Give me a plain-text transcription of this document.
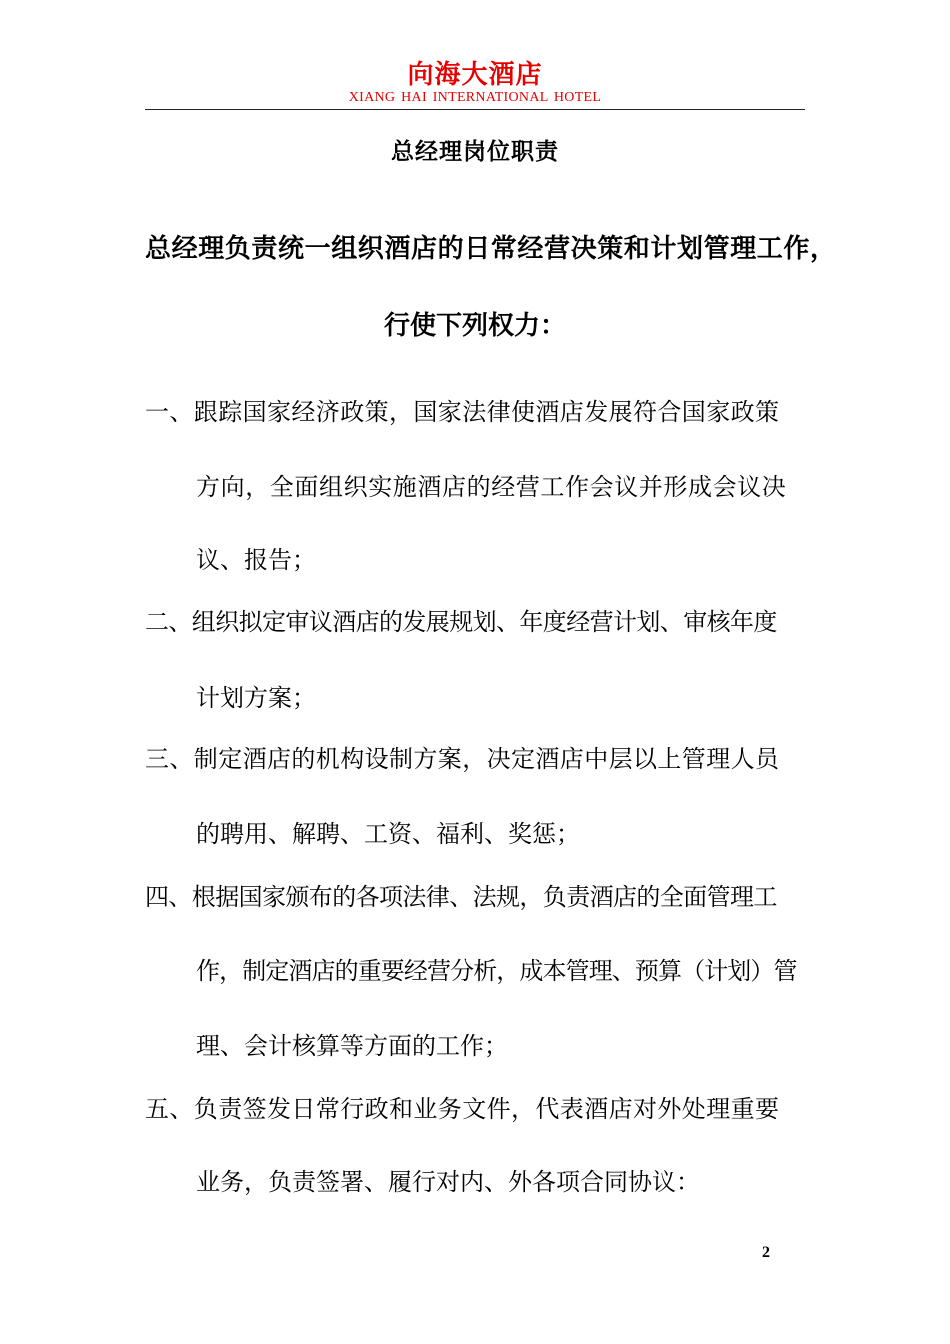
向海大酒店
XIANG HAI INTERNATIONAL HOTEL
总经理岗位职责
总经理负责统一组织酒店的日常经营决策和计划管理工作，
行使下列权力：
一、跟踪国家经济政策，国家法律使酒店发展符合国家政策
方向，全面组织实施酒店的经营工作会议并形成会议决
议、报告；
二、组织拟定审议酒店的发展规划、年度经营计划、审核年度
计划方案；
三、制定酒店的机构设制方案，决定酒店中层以上管理人员
的聘用、解聘、工资、福利、奖惩；
四、根据国家颁布的各项法律、法规，负责酒店的全面管理工
作，制定酒店的重要经营分析，成本管理、预算（计划）管
理、会计核算等方面的工作；
五、负责签发日常行政和业务文件，代表酒店对外处理重要
业务，负责签署、履行对内、外各项合同协议：
2
